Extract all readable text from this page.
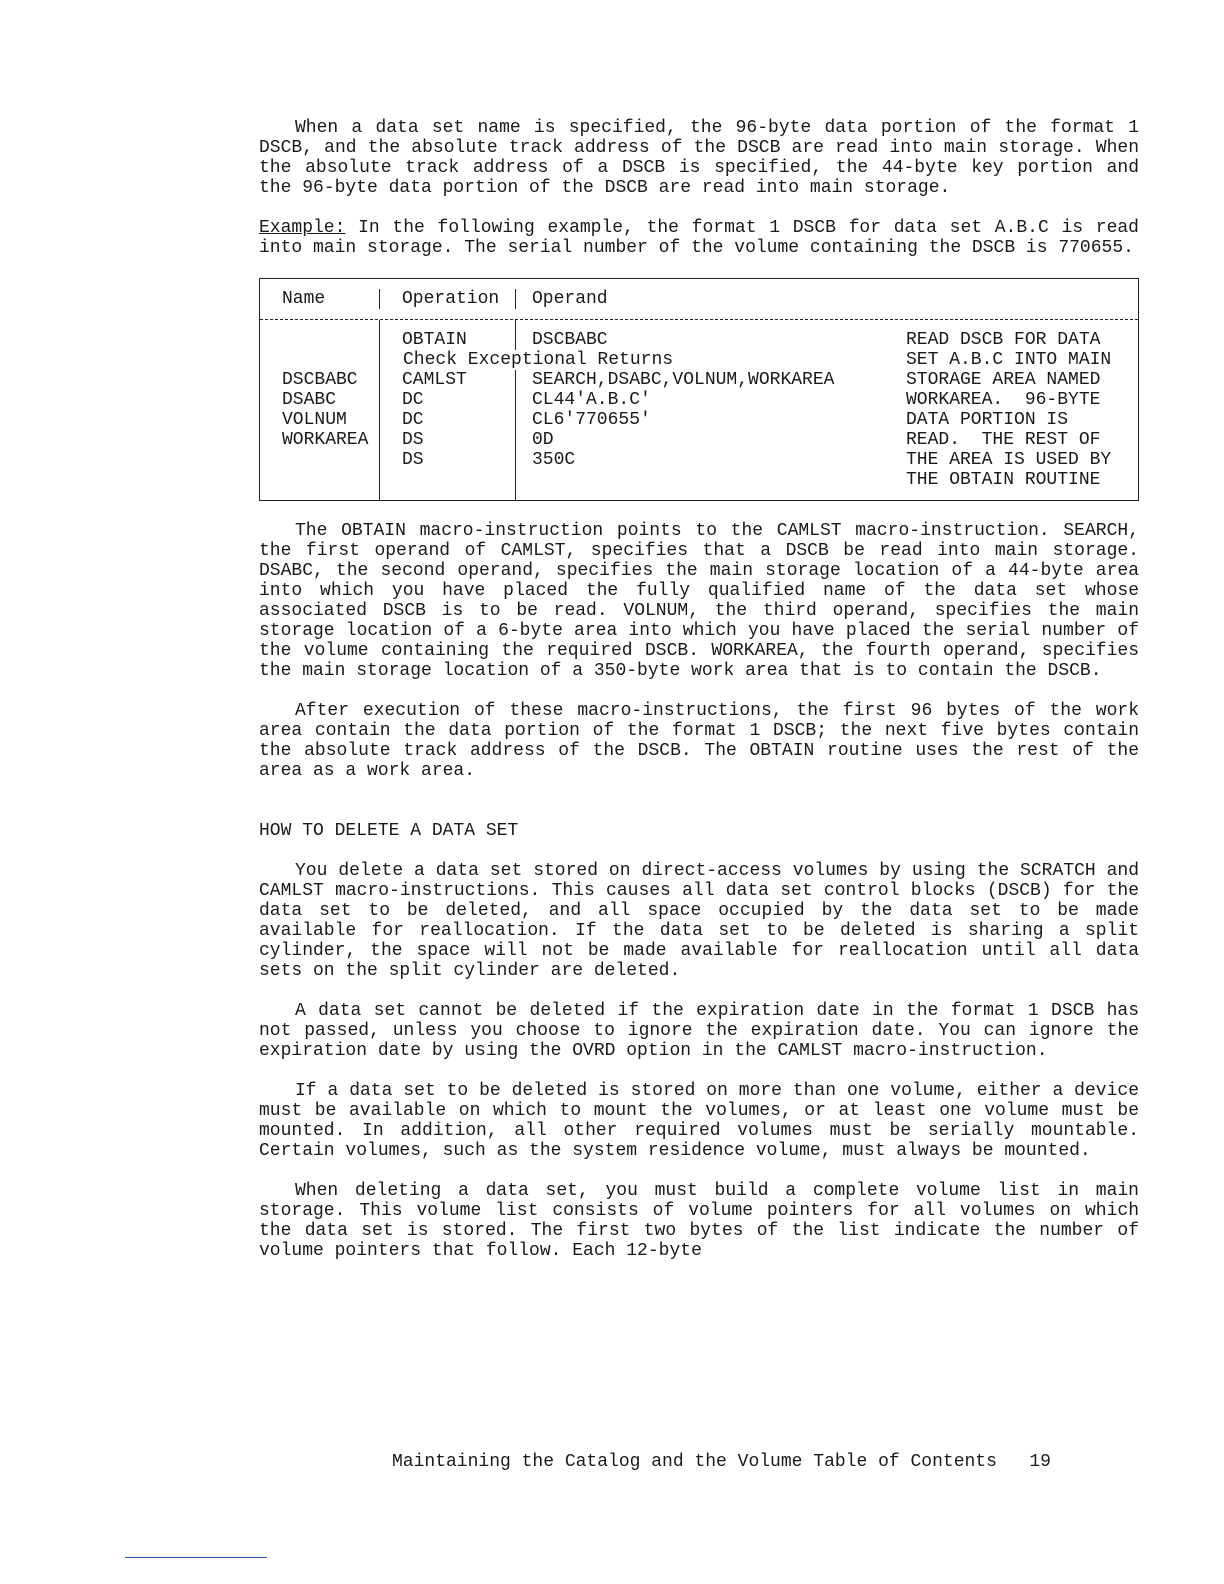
When a data set name is specified, the 96-byte data portion of the format 1 DSCB, and the absolute track address of the DSCB are read into main storage. When the absolute track address of a DSCB is specified, the 44-byte key portion and the 96-byte data portion of the DSCB are read into main storage.

Example: In the following example, the format 1 DSCB for data set A.B.C is read into main storage. The serial number of the volume containing the DSCB is 770655.

Name	Operation	Operand
DSCBABC
DSABC
VOLNUM
WORKAREA
OBTAIN
CAMLST
DC
DC
DS
DS
DSCBABC
SEARCH,DSABC,VOLNUM,WORKAREA
CL44'A.B.C'
CL6'770655'
0D
350C
READ DSCB FOR DATA
SET A.B.C INTO MAIN
STORAGE AREA NAMED
WORKAREA.  96-BYTE
DATA PORTION IS
READ.  THE REST OF
THE AREA IS USED BY
THE OBTAIN ROUTINE
Check Exceptional Returns

The OBTAIN macro-instruction points to the CAMLST macro-instruction. SEARCH, the first operand of CAMLST, specifies that a DSCB be read into main storage. DSABC, the second operand, specifies the main storage location of a 44-byte area into which you have placed the fully qualified name of the data set whose associated DSCB is to be read. VOLNUM, the third operand, specifies the main storage location of a 6-byte area into which you have placed the serial number of the volume containing the required DSCB. WORKAREA, the fourth operand, specifies the main storage location of a 350-byte work area that is to contain the DSCB.

After execution of these macro-instructions, the first 96 bytes of the work area contain the data portion of the format 1 DSCB; the next five bytes contain the absolute track address of the DSCB. The OBTAIN routine uses the rest of the area as a work area.

HOW TO DELETE A DATA SET

You delete a data set stored on direct-access volumes by using the SCRATCH and CAMLST macro-instructions. This causes all data set control blocks (DSCB) for the data set to be deleted, and all space occupied by the data set to be made available for reallocation. If the data set to be deleted is sharing a split cylinder, the space will not be made available for reallocation until all data sets on the split cylinder are deleted.

A data set cannot be deleted if the expiration date in the format 1 DSCB has not passed, unless you choose to ignore the expiration date. You can ignore the expiration date by using the OVRD option in the CAMLST macro-instruction.

If a data set to be deleted is stored on more than one volume, either a device must be available on which to mount the volumes, or at least one volume must be mounted. In addition, all other required volumes must be serially mountable. Certain volumes, such as the system residence volume, must always be mounted.

When deleting a data set, you must build a complete volume list in main storage. This volume list consists of volume pointers for all volumes on which the data set is stored. The first two bytes of the list indicate the number of volume pointers that follow. Each 12-byte

Maintaining the Catalog and the Volume Table of Contents 19
